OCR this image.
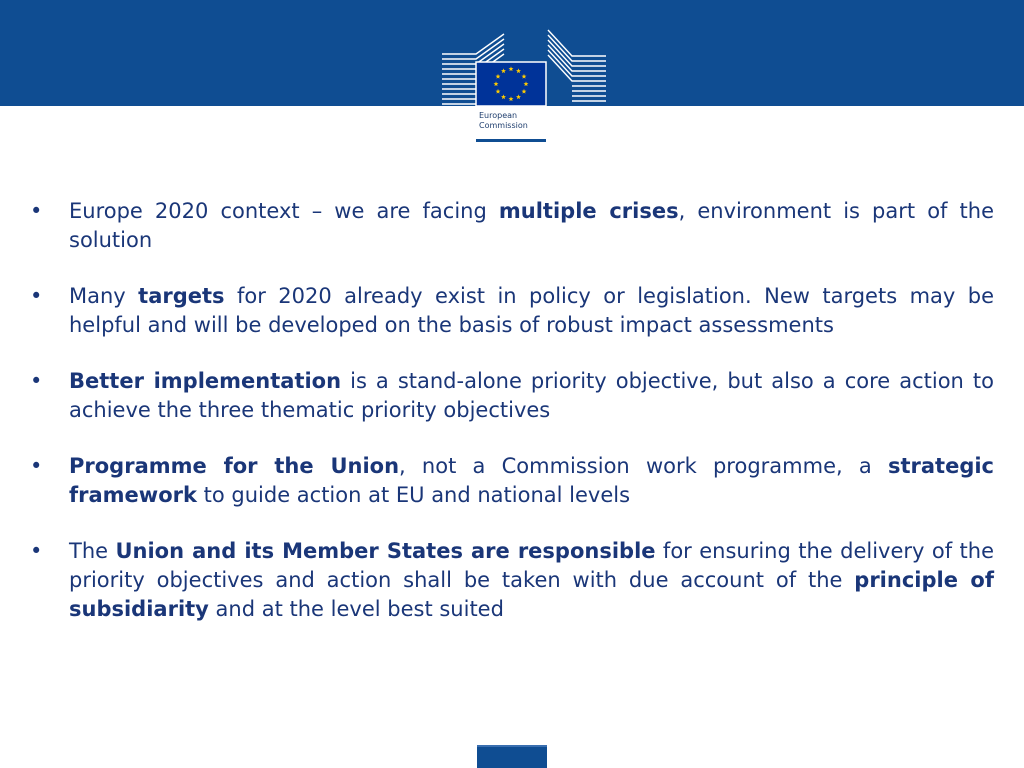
European
Commission
•	Europe 2020 context – we are facing multiple crises, environment is part of the solution
•	Many targets for 2020 already exist in policy or legislation. New targets may be helpful and will be developed on the basis of robust impact assessments
•	Better implementation is a stand-alone priority objective, but also a core action to achieve the three thematic priority objectives
•	Programme for the Union, not a Commission work programme, a strategic framework to guide action at EU and national levels
•	The Union and its Member States are responsible for ensuring the delivery of the priority objectives and action shall be taken with due account of the principle of subsidiarity and at the level best suited
